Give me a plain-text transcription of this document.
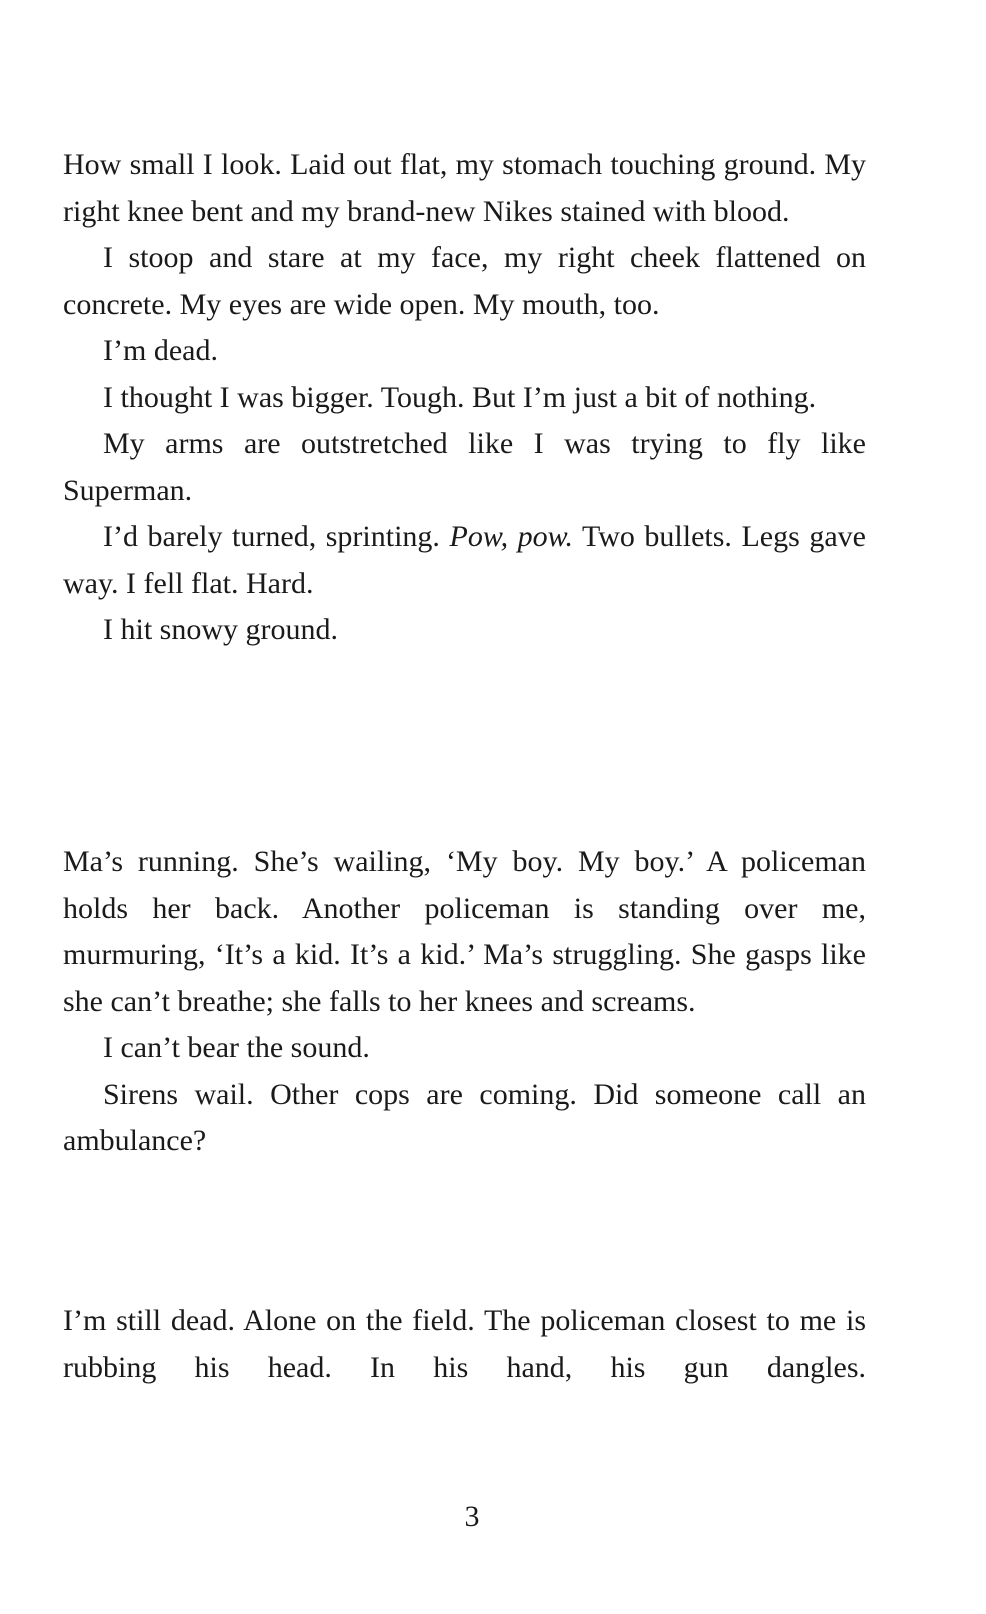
How small I look. Laid out flat, my stomach touching ground. My right knee bent and my brand-new Nikes stained with blood.

I stoop and stare at my face, my right cheek flattened on concrete. My eyes are wide open. My mouth, too.

I’m dead.

I thought I was bigger. Tough. But I’m just a bit of nothing.

My arms are outstretched like I was trying to fly like Superman.

I’d barely turned, sprinting. Pow, pow. Two bullets. Legs gave way. I fell flat. Hard.

I hit snowy ground.

Ma’s running. She’s wailing, ‘My boy. My boy.’ A policeman holds her back. Another policeman is standing over me, murmuring, ‘It’s a kid. It’s a kid.’ Ma’s struggling. She gasps like she can’t breathe; she falls to her knees and screams.

I can’t bear the sound.

Sirens wail. Other cops are coming. Did someone call an ambulance?

I’m still dead. Alone on the field. The policeman closest to me is rubbing his head. In his hand, his gun dangles.

3
